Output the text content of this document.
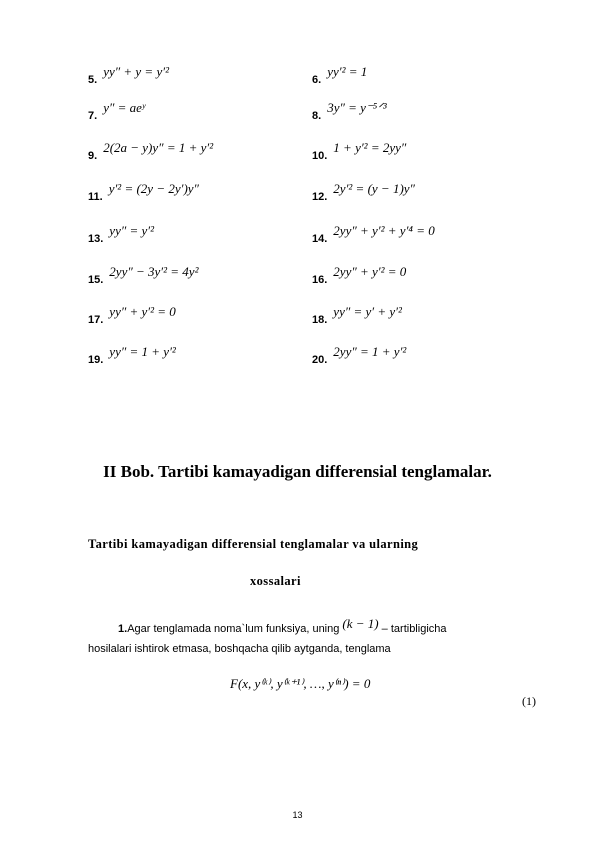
5.
yy″ + y = y′²
7.
y″ = aeʸ
9.
2(2a − y)y″ = 1 + y′²
11.
y′² = (2y − 2y′)y″
13.
yy″ = y′²
15.
2yy″ − 3y′² = 4y²
17.
yy″ + y′² = 0
19.
yy″ = 1 + y′²
6.
yy′² = 1
8.
3y″ = y⁻⁵ᐟ³
10.
1 + y′² = 2yy″
12.
2y′² = (y − 1)y″
14.
2yy″ + y′² + y′⁴ = 0
16.
2yy″ + y′² = 0
18.
yy″ = y′ + y′²
20.
2yy″ = 1 + y′²
II Bob. Tartibi kamayadigan differensial tenglamalar.
Tartibi kamayadigan differensial tenglamalar va ularning
xossalari
1.Agar tenglamada noma`lum funksiya, uning (k − 1) – tartibligicha
hosilalari ishtirok etmasa, boshqacha qilib aytganda, tenglama
F(x, y⁽ᵏ⁾, y⁽ᵏ⁺¹⁾, …, y⁽ⁿ⁾) = 0
(1)
13
